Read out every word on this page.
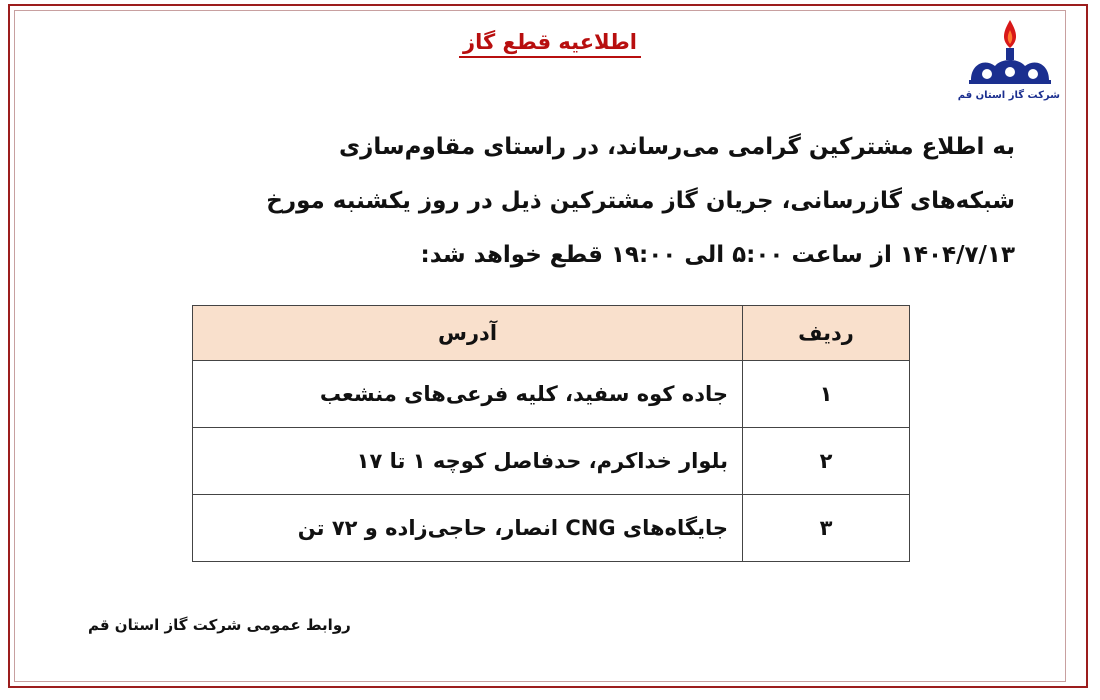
شرکت گاز استان قم
اطلاعیه قطع گاز

به اطلاع مشترکین گرامی می‌رساند، در راستای مقاوم‌سازی

شبکه‌های گازرسانی، جریان گاز مشترکین ذیل در روز یکشنبه مورخ

۱۴۰۴/۷/۱۳ از ساعت ۵:۰۰ الی ۱۹:۰۰ قطع خواهد شد:

ردیف	آدرس
۱	جاده کوه سفید، کلیه فرعی‌های منشعب
۲	بلوار خداکرم، حدفاصل کوچه ۱ تا ۱۷
۳	جایگاه‌های CNG انصار، حاجی‌زاده و ۷۲ تن
روابط عمومی شرکت گاز استان قم
